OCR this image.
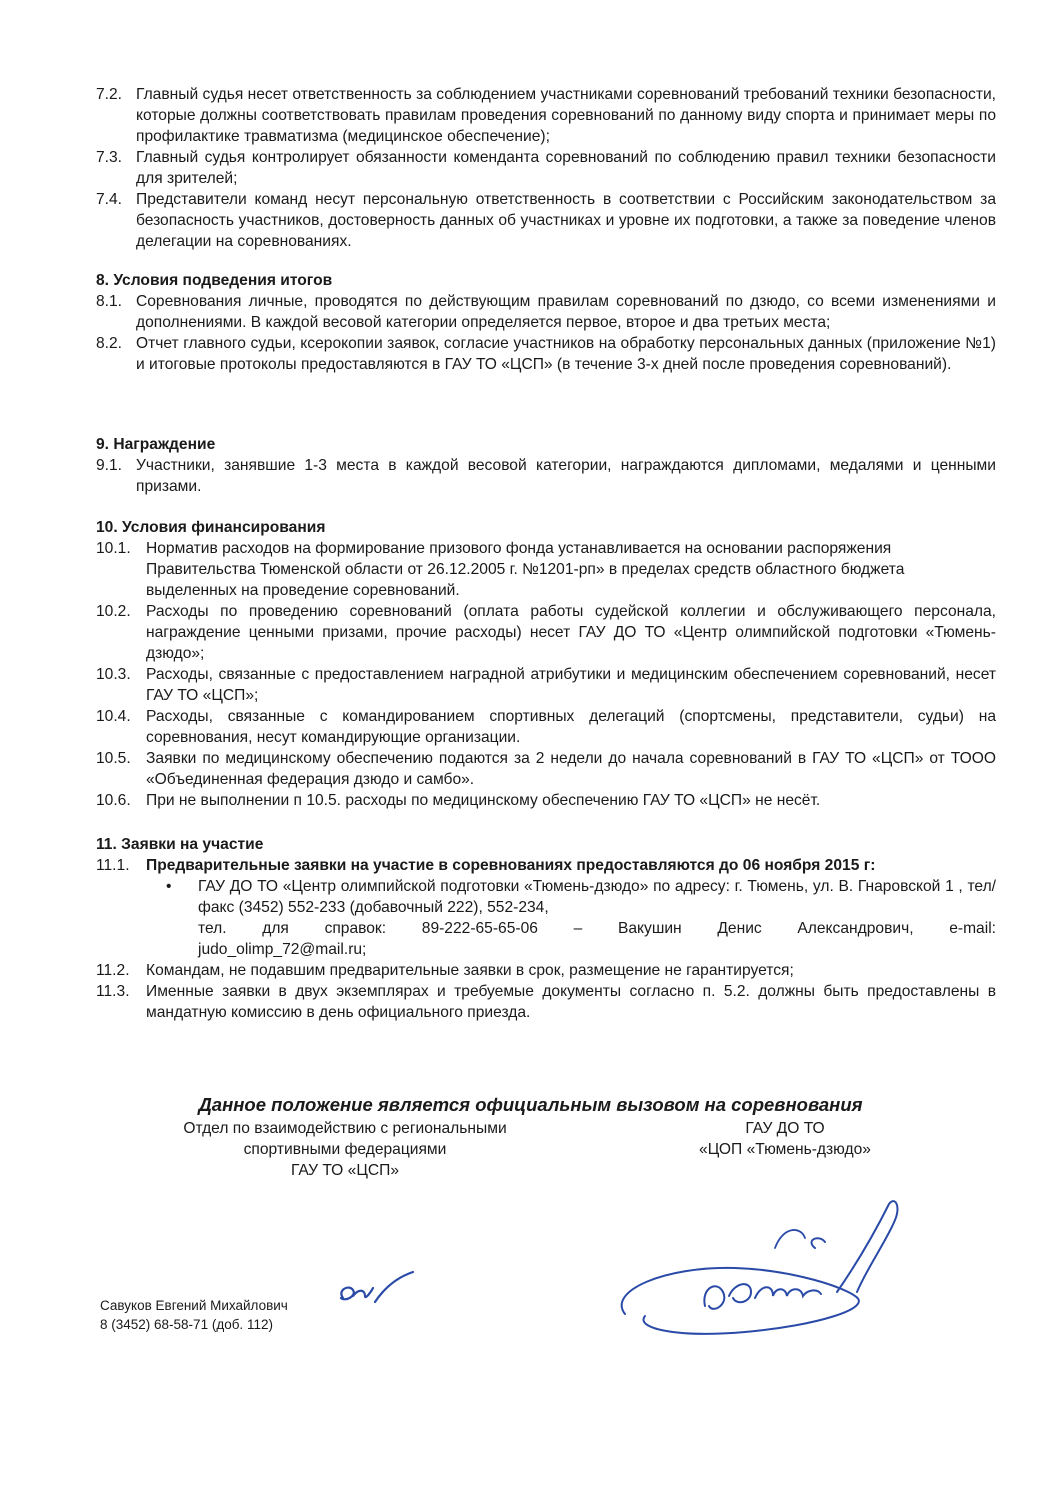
7.2. Главный судья несет ответственность за соблюдением участниками соревнований требований техники безопасности, которые должны соответствовать правилам проведения соревнований по данному виду спорта и принимает меры по профилактике травматизма (медицинское обеспечение);
7.3. Главный судья контролирует обязанности коменданта соревнований по соблюдению правил техники безопасности для зрителей;
7.4. Представители команд несут персональную ответственность в соответствии с Российским законодательством за безопасность участников, достоверность данных об участниках и уровне их подготовки, а также за поведение членов делегации на соревнованиях.
8. Условия подведения итогов
8.1. Соревнования личные, проводятся по действующим правилам соревнований по дзюдо, со всеми изменениями и дополнениями. В каждой весовой категории определяется первое, второе и два третьих места;
8.2. Отчет главного судьи, ксерокопии заявок, согласие участников на обработку персональных данных (приложение №1) и итоговые протоколы предоставляются в ГАУ ТО «ЦСП» (в течение 3-х дней после проведения соревнований).
9. Награждение
9.1. Участники, занявшие 1-3 места в каждой весовой категории, награждаются дипломами, медалями и ценными призами.
10. Условия финансирования
10.1. Норматив расходов на формирование призового фонда устанавливается на основании распоряжения Правительства Тюменской области от 26.12.2005 г. №1201-рп» в пределах средств областного бюджета выделенных на проведение соревнований.
10.2. Расходы по проведению соревнований (оплата работы судейской коллегии и обслуживающего персонала, награждение ценными призами, прочие расходы) несет ГАУ ДО ТО «Центр олимпийской подготовки «Тюмень-дзюдо»;
10.3. Расходы, связанные с предоставлением наградной атрибутики и медицинским обеспечением соревнований, несет ГАУ ТО «ЦСП»;
10.4. Расходы, связанные с командированием спортивных делегаций (спортсмены, представители, судьи) на соревнования, несут командирующие организации.
10.5. Заявки по медицинскому обеспечению подаются за 2 недели до начала соревнований в ГАУ ТО «ЦСП» от ТООО «Объединенная федерация дзюдо и самбо».
10.6. При не выполнении п 10.5. расходы по медицинскому обеспечению ГАУ ТО «ЦСП» не несёт.
11. Заявки на участие
11.1.	Предварительные заявки на участие в соревнованиях предоставляются до 06 ноября 2015 г:
•	ГАУ ДО ТО «Центр олимпийской подготовки «Тюмень-дзюдо» по адресу: г. Тюмень, ул. В. Гнаровской 1 , тел/факс (3452) 552-233 (добавочный 222), 552-234,
тел. для справок: 89-222-65-65-06 – Вакушин Денис Александрович, e-mail:
judo_olimp_72@mail.ru;
11.2.	Командам, не подавшим предварительные заявки в срок, размещение не гарантируется;
11.3.	Именные заявки в двух экземплярах и требуемые документы согласно п. 5.2. должны быть предоставлены в мандатную комиссию в день официального приезда.
Данное положение является официальным вызовом на соревнования
Отдел по взаимодействию с региональными
спортивными федерациями
ГАУ ТО «ЦСП»
ГАУ ДО ТО
«ЦОП «Тюмень-дзюдо»
Савуков Евгений Михайлович
8 (3452) 68-58-71 (доб. 112)
